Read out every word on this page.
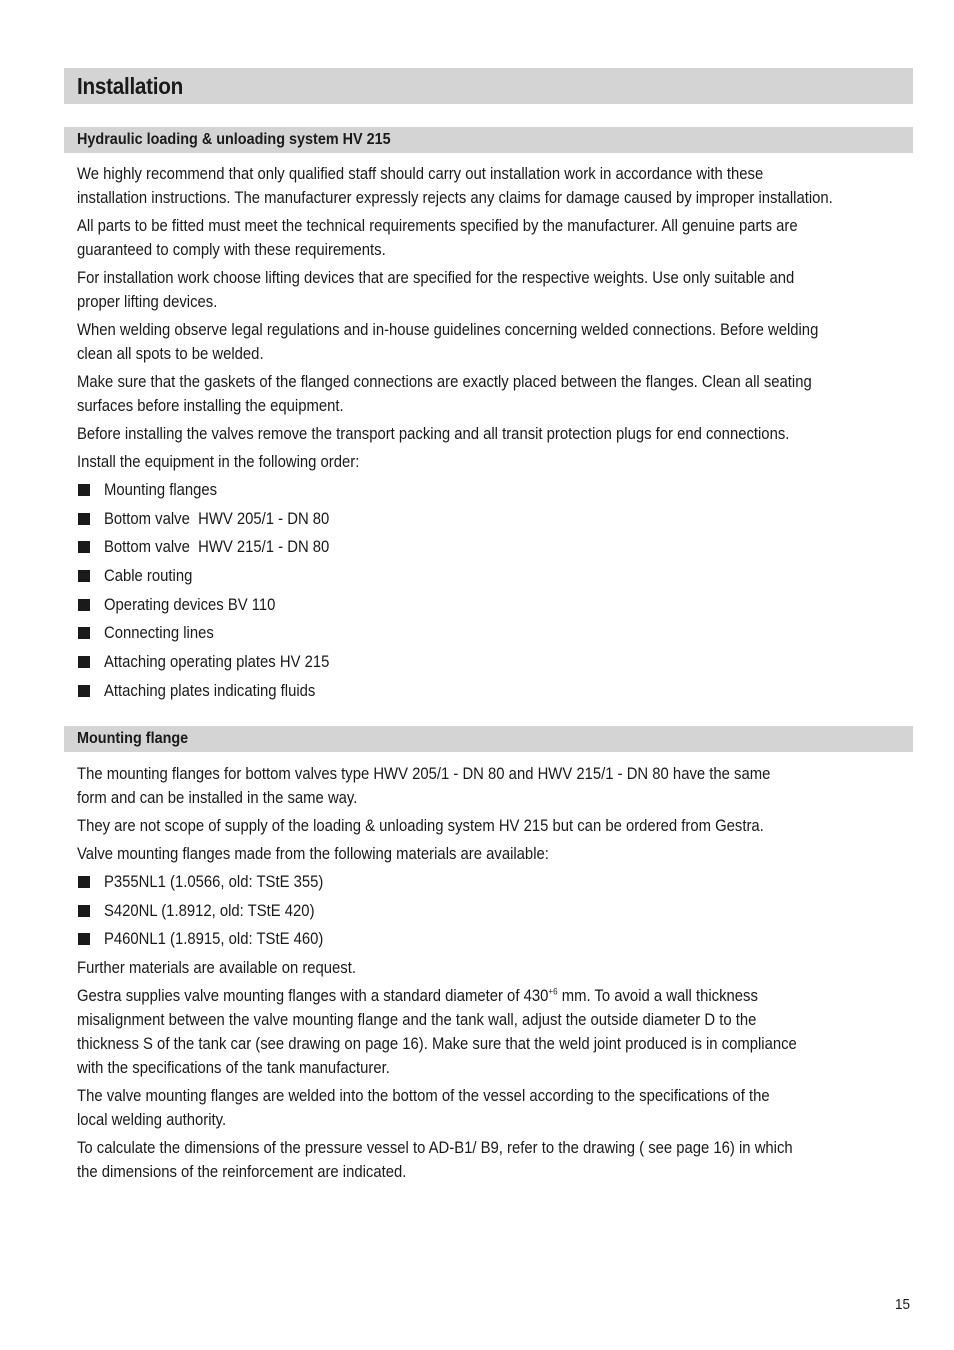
Installation
Hydraulic loading & unloading system HV 215

We highly recommend that only qualified staff should carry out installation work in accordance with these
installation instructions. The manufacturer expressly rejects any claims for damage caused by improper installation.

All parts to be fitted must meet the technical requirements specified by the manufacturer. All genuine parts are
guaranteed to comply with these requirements.

For installation work choose lifting devices that are specified for the respective weights. Use only suitable and
proper lifting devices.

When welding observe legal regulations and in-house guidelines concerning welded connections. Before welding
clean all spots to be welded.

Make sure that the gaskets of the flanged connections are exactly placed between the flanges. Clean all seating
surfaces before installing the equipment.

Before installing the valves remove the transport packing and all transit protection plugs for end connections.

Install the equipment in the following order:

Mounting flanges
Bottom valve  HWV 205/1 - DN 80
Bottom valve  HWV 215/1 - DN 80
Cable routing
Operating devices BV 110
Connecting lines
Attaching operating plates HV 215
Attaching plates indicating fluids
Mounting flange

The mounting flanges for bottom valves type HWV 205/1 - DN 80 and HWV 215/1 - DN 80 have the same
form and can be installed in the same way.

They are not scope of supply of the loading & unloading system HV 215 but can be ordered from Gestra.

Valve mounting flanges made from the following materials are available:

P355NL1 (1.0566, old: TStE 355)
S420NL (1.8912, old: TStE 420)
P460NL1 (1.8915, old: TStE 460)

Further materials are available on request.

Gestra supplies valve mounting flanges with a standard diameter of $430^{+6}$ mm. To avoid a wall thickness
misalignment between the valve mounting flange and the tank wall, adjust the outside diameter D to the
thickness S of the tank car (see drawing on page 16). Make sure that the weld joint produced is in compliance
with the specifications of the tank manufacturer.

The valve mounting flanges are welded into the bottom of the vessel according to the specifications of the
local welding authority.

To calculate the dimensions of the pressure vessel to AD-B1/ B9, refer to the drawing ( see page 16) in which
the dimensions of the reinforcement are indicated.

15
